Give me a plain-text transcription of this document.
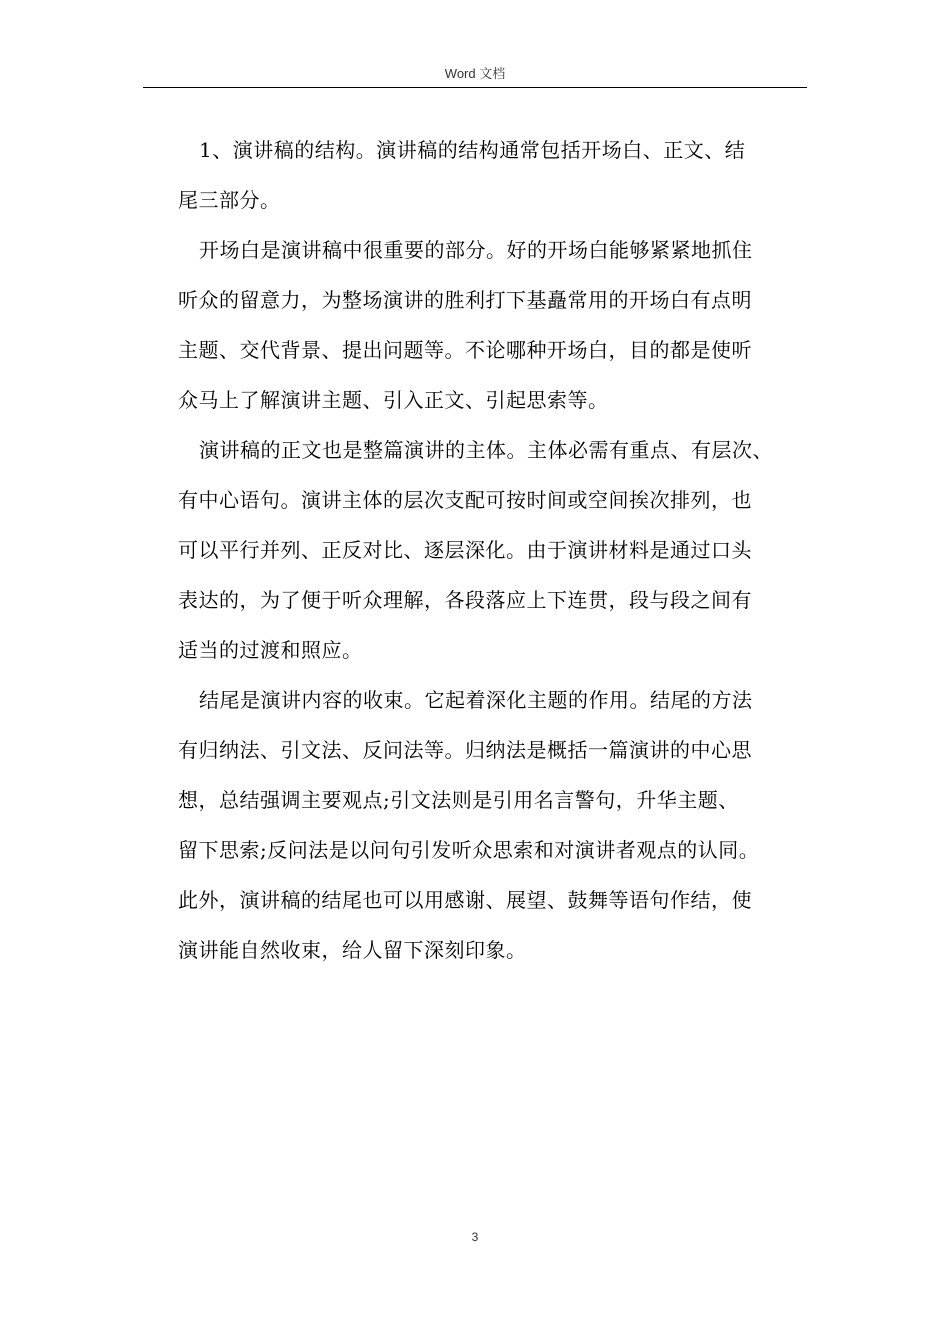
Word 文档
1、演讲稿的结构。演讲稿的结构通常包括开场白、正文、结
尾三部分。
开场白是演讲稿中很重要的部分。好的开场白能够紧紧地抓住
听众的留意力，为整场演讲的胜利打下基矗常用的开场白有点明
主题、交代背景、提出问题等。不论哪种开场白，目的都是使听
众马上了解演讲主题、引入正文、引起思索等。
演讲稿的正文也是整篇演讲的主体。主体必需有重点、有层次、
有中心语句。演讲主体的层次支配可按时间或空间挨次排列，也
可以平行并列、正反对比、逐层深化。由于演讲材料是通过口头
表达的，为了便于听众理解，各段落应上下连贯，段与段之间有
适当的过渡和照应。
结尾是演讲内容的收束。它起着深化主题的作用。结尾的方法
有归纳法、引文法、反问法等。归纳法是概括一篇演讲的中心思
想，总结强调主要观点;引文法则是引用名言警句，升华主题、
留下思索;反问法是以问句引发听众思索和对演讲者观点的认同。
此外，演讲稿的结尾也可以用感谢、展望、鼓舞等语句作结，使
演讲能自然收束，给人留下深刻印象。
3
